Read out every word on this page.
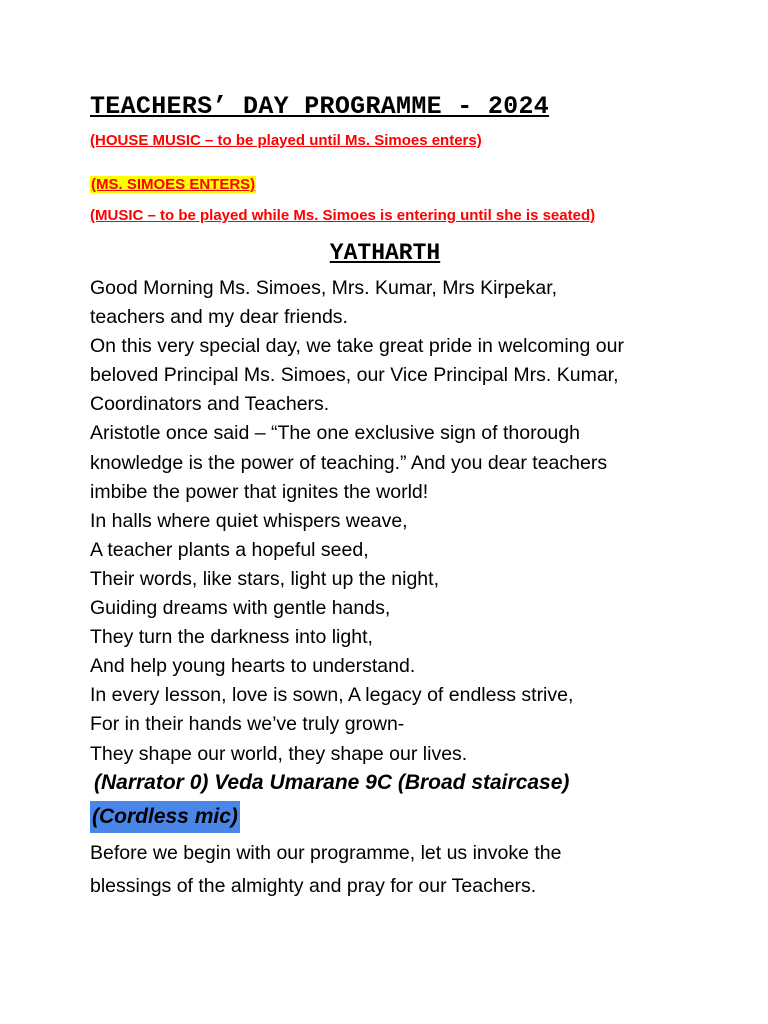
TEACHERS’ DAY PROGRAMME - 2024

(HOUSE MUSIC – to be played until Ms. Simoes enters)

(MS. SIMOES ENTERS)

(MUSIC – to be played while Ms. Simoes is entering until she is seated)

YATHARTH
Good Morning Ms. Simoes, Mrs. Kumar, Mrs Kirpekar,
teachers and my dear friends.
On this very special day, we take great pride in welcoming our
beloved Principal Ms. Simoes, our Vice Principal Mrs. Kumar,
Coordinators and Teachers.
Aristotle once said – “The one exclusive sign of thorough
knowledge is the power of teaching.” And you dear teachers
imbibe the power that ignites the world!
In halls where quiet whispers weave,
A teacher plants a hopeful seed,
Their words, like stars, light up the night,
Guiding dreams with gentle hands,
They turn the darkness into light,
And help young hearts to understand.
In every lesson, love is sown, A legacy of endless strive,
For in their hands we’ve truly grown-
They shape our world, they shape our lives.

(Narrator 0) Veda Umarane 9C (Broad staircase)

(Cordless mic)

Before we begin with our programme, let us invoke the
blessings of the almighty and pray for our Teachers.
